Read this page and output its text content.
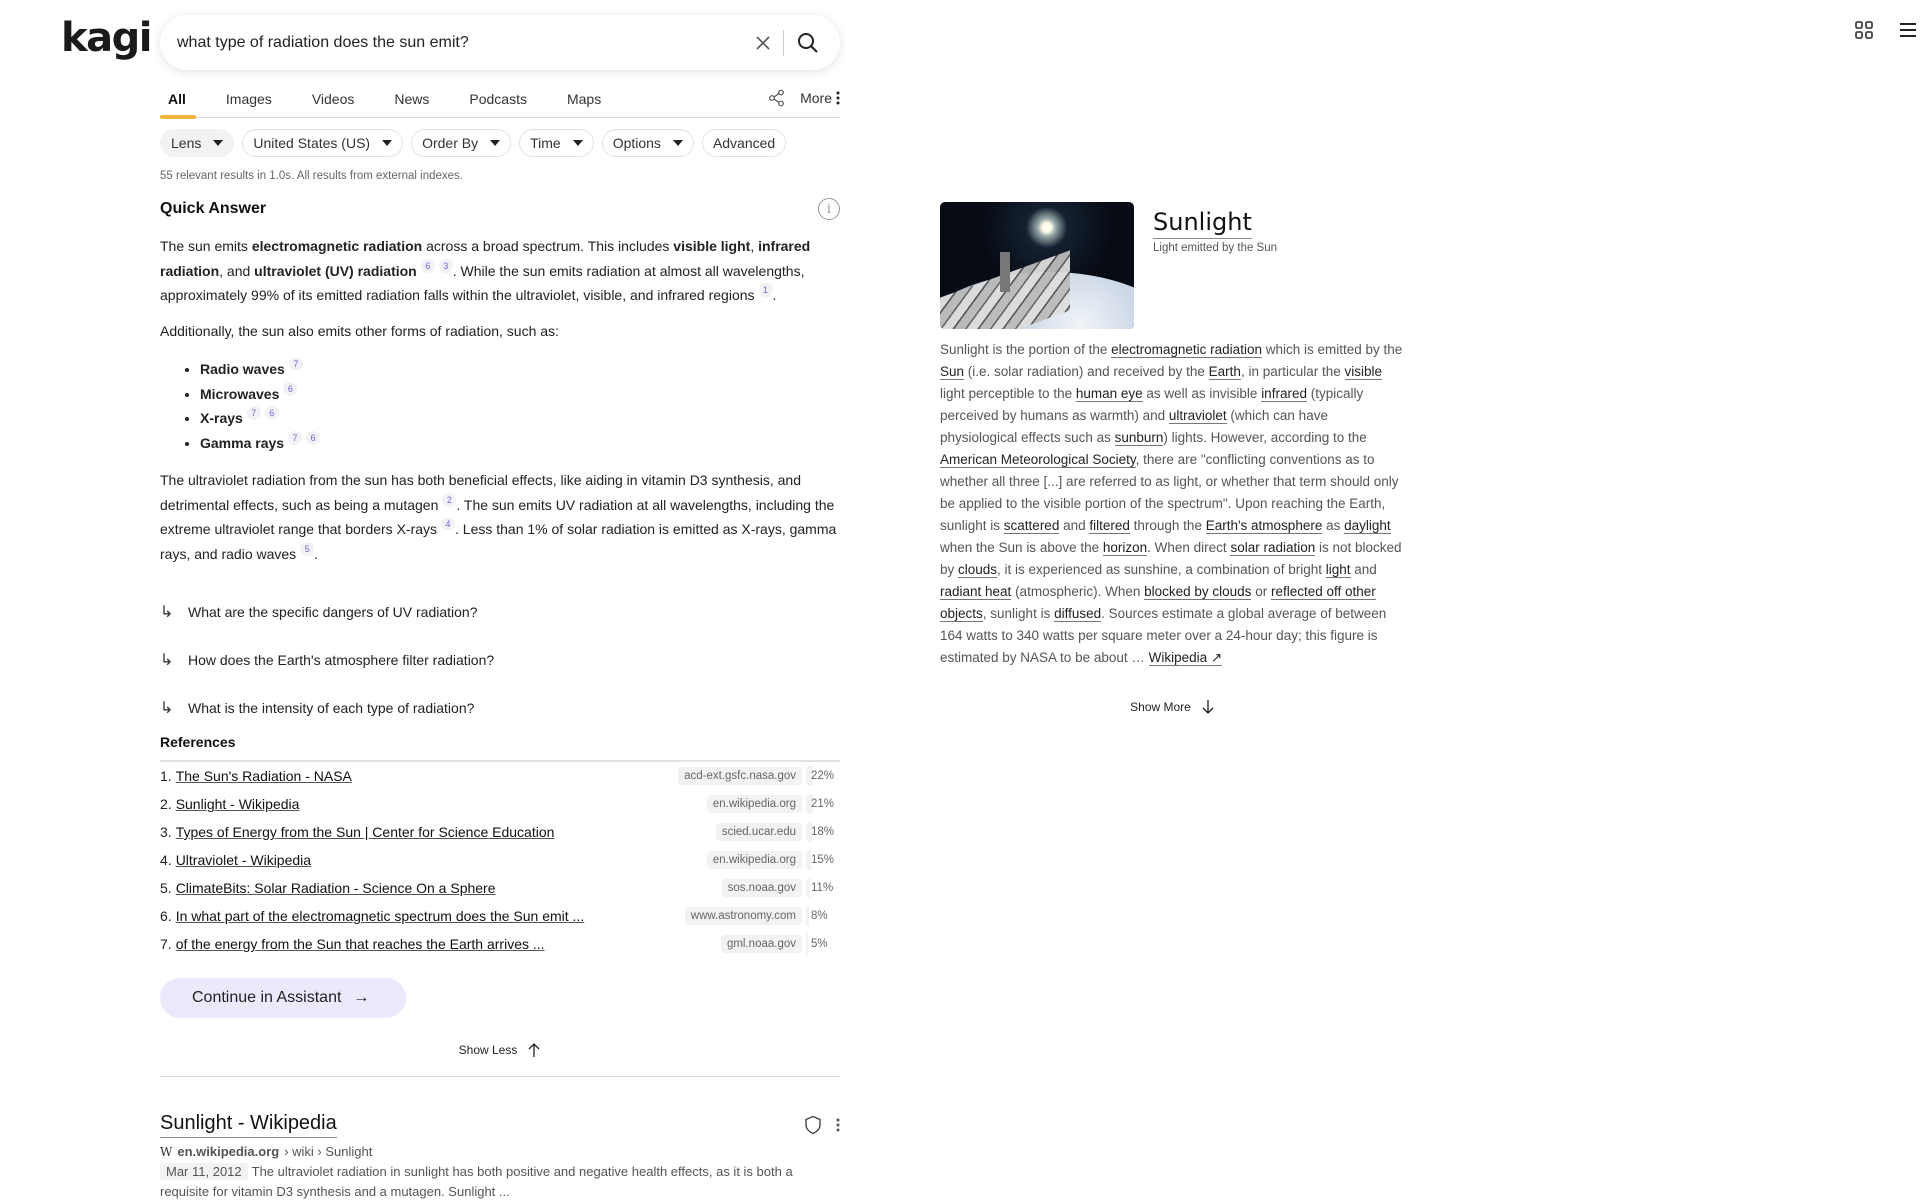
kagi
what type of radiation does the sun emit?
All	Images	Videos	News	Podcasts	Maps	More
Lens	United States (US)	Order By	Time	Options	Advanced
55 relevant results in 1.0s. All results from external indexes.
Quick Answer	i

The sun emits electromagnetic radiation across a broad spectrum. This includes visible light, infrared radiation, and ultraviolet (UV) radiation 6 3 . While the sun emits radiation at almost all wavelengths, approximately 99% of its emitted radiation falls within the ultraviolet, visible, and infrared regions 1 .

Additionally, the sun also emits other forms of radiation, such as:

• Radio waves 7
• Microwaves 6
• X-rays 7 6
• Gamma rays 7 6

The ultraviolet radiation from the sun has both beneficial effects, like aiding in vitamin D3 synthesis, and detrimental effects, such as being a mutagen 2 . The sun emits UV radiation at all wavelengths, including the extreme ultraviolet range that borders X-rays 4 . Less than 1% of solar radiation is emitted as X-rays, gamma rays, and radio waves 5 .

↳	What are the specific dangers of UV radiation?
↳	How does the Earth's atmosphere filter radiation?
↳	What is the intensity of each type of radiation?
References
1. The Sun's Radiation - NASA	acd-ext.gsfc.nasa.gov	22%
2. Sunlight - Wikipedia	en.wikipedia.org	21%
3. Types of Energy from the Sun | Center for Science Education	scied.ucar.edu	18%
4. Ultraviolet - Wikipedia	en.wikipedia.org	15%
5. ClimateBits: Solar Radiation - Science On a Sphere	sos.noaa.gov	11%
6. In what part of the electromagnetic spectrum does the Sun emit ...	www.astronomy.com	8%
7. of the energy from the Sun that reaches the Earth arrives ...	gml.noaa.gov	5%
Continue in Assistant →
Show Less
Sunlight - Wikipedia
W en.wikipedia.org › wiki › Sunlight
Mar 11, 2012 The ultraviolet radiation in sunlight has both positive and negative health effects, as it is both a requisite for vitamin D3 synthesis and a mutagen. Sunlight ...
Sunlight
Light emitted by the Sun
Sunlight is the portion of the electromagnetic radiation which is emitted by the Sun (i.e. solar radiation) and received by the Earth, in particular the visible light perceptible to the human eye as well as invisible infrared (typically perceived by humans as warmth) and ultraviolet (which can have physiological effects such as sunburn) lights. However, according to the American Meteorological Society, there are "conflicting conventions as to whether all three [...] are referred to as light, or whether that term should only be applied to the visible portion of the spectrum". Upon reaching the Earth, sunlight is scattered and filtered through the Earth's atmosphere as daylight when the Sun is above the horizon. When direct solar radiation is not blocked by clouds, it is experienced as sunshine, a combination of bright light and radiant heat (atmospheric). When blocked by clouds or reflected off other objects, sunlight is diffused. Sources estimate a global average of between 164 watts to 340 watts per square meter over a 24-hour day; this figure is estimated by NASA to be about … Wikipedia ↗
Show More
